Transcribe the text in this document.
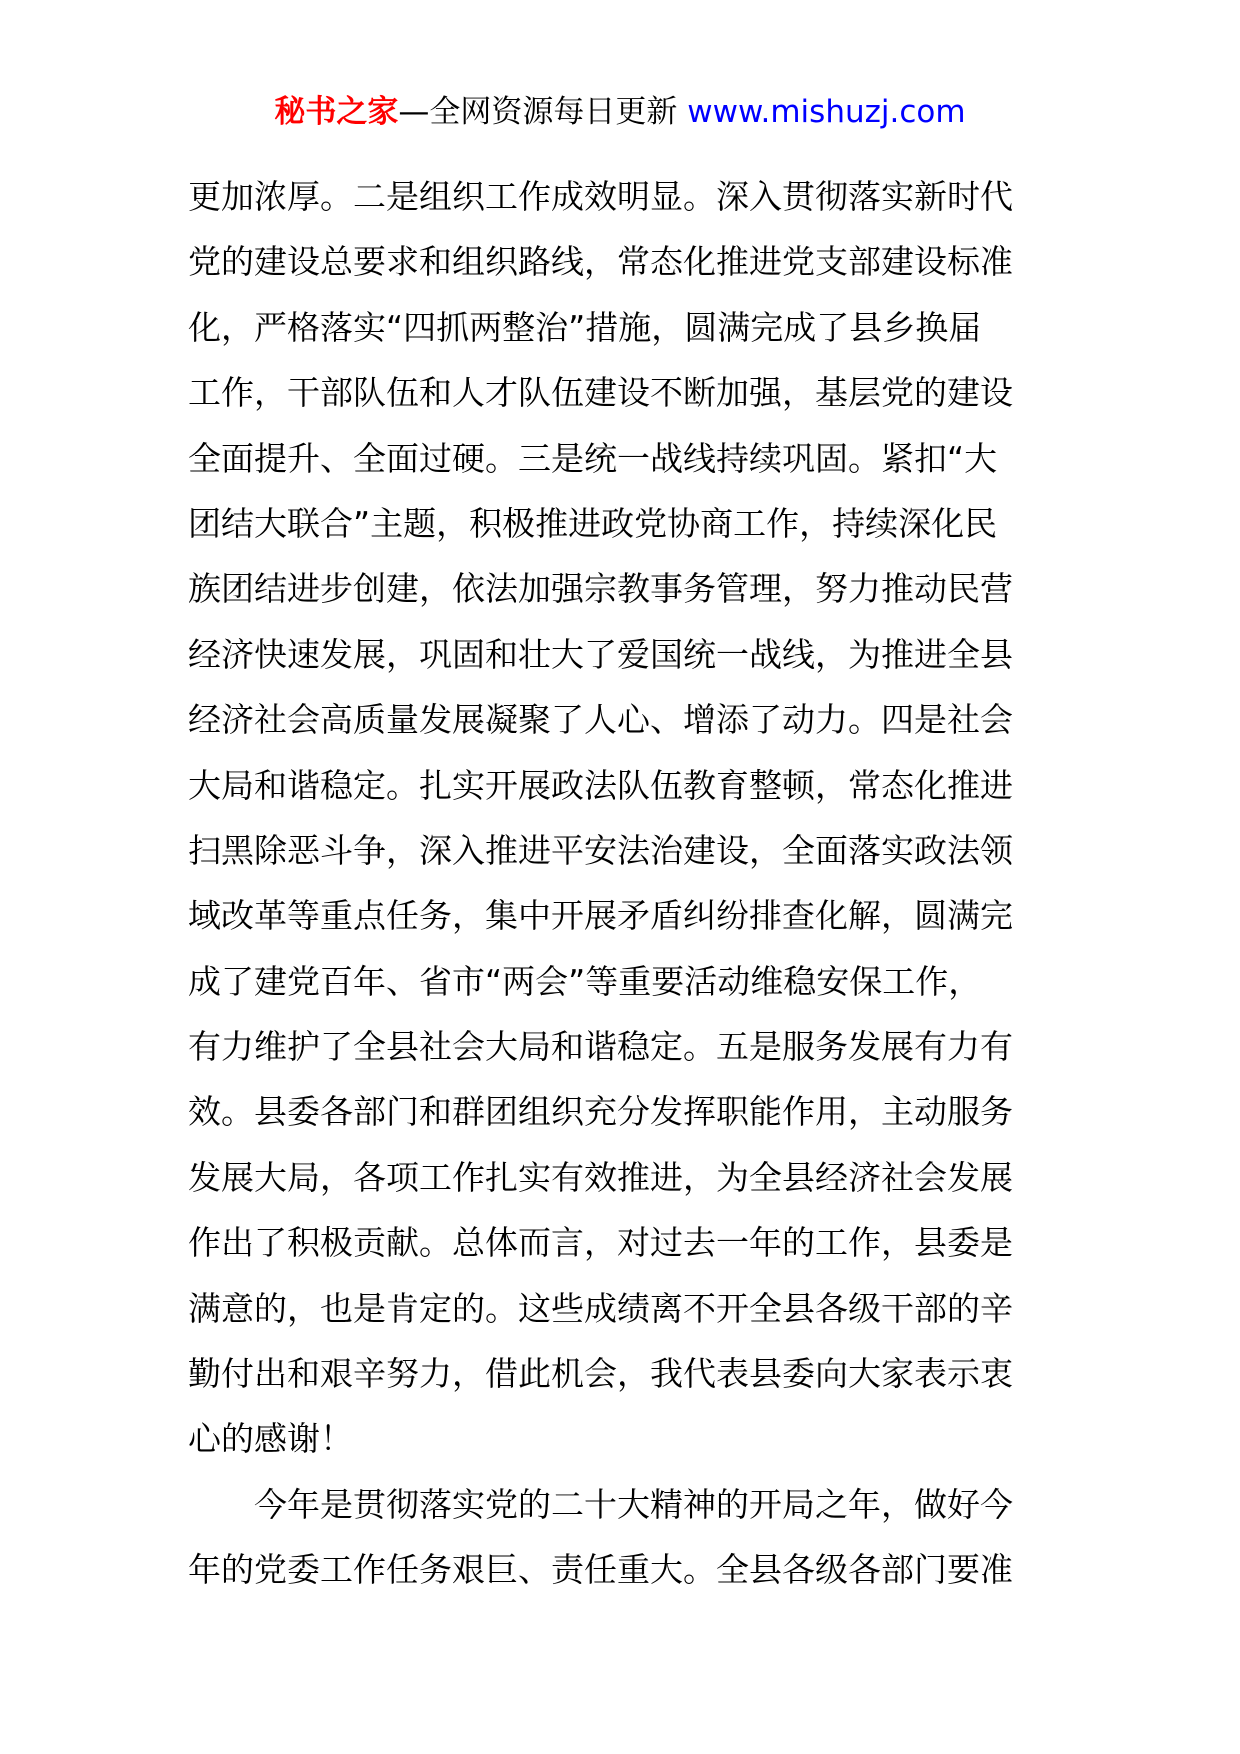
秘书之家—全网资源每日更新 www.mishuzj.com
更加浓厚。二是组织工作成效明显。深入贯彻落实新时代
党的建设总要求和组织路线，常态化推进党支部建设标准
化，严格落实“四抓两整治”措施，圆满完成了县乡换届
工作，干部队伍和人才队伍建设不断加强，基层党的建设
全面提升、全面过硬。三是统一战线持续巩固。紧扣“大
团结大联合”主题，积极推进政党协商工作，持续深化民
族团结进步创建，依法加强宗教事务管理，努力推动民营
经济快速发展，巩固和壮大了爱国统一战线，为推进全县
经济社会高质量发展凝聚了人心、增添了动力。四是社会
大局和谐稳定。扎实开展政法队伍教育整顿，常态化推进
扫黑除恶斗争，深入推进平安法治建设，全面落实政法领
域改革等重点任务，集中开展矛盾纠纷排查化解，圆满完
成了建党百年、省市“两会”等重要活动维稳安保工作，
有力维护了全县社会大局和谐稳定。五是服务发展有力有
效。县委各部门和群团组织充分发挥职能作用，主动服务
发展大局，各项工作扎实有效推进，为全县经济社会发展
作出了积极贡献。总体而言，对过去一年的工作，县委是
满意的，也是肯定的。这些成绩离不开全县各级干部的辛
勤付出和艰辛努力，借此机会，我代表县委向大家表示衷
心的感谢！
今年是贯彻落实党的二十大精神的开局之年，做好今
年的党委工作任务艰巨、责任重大。全县各级各部门要准
